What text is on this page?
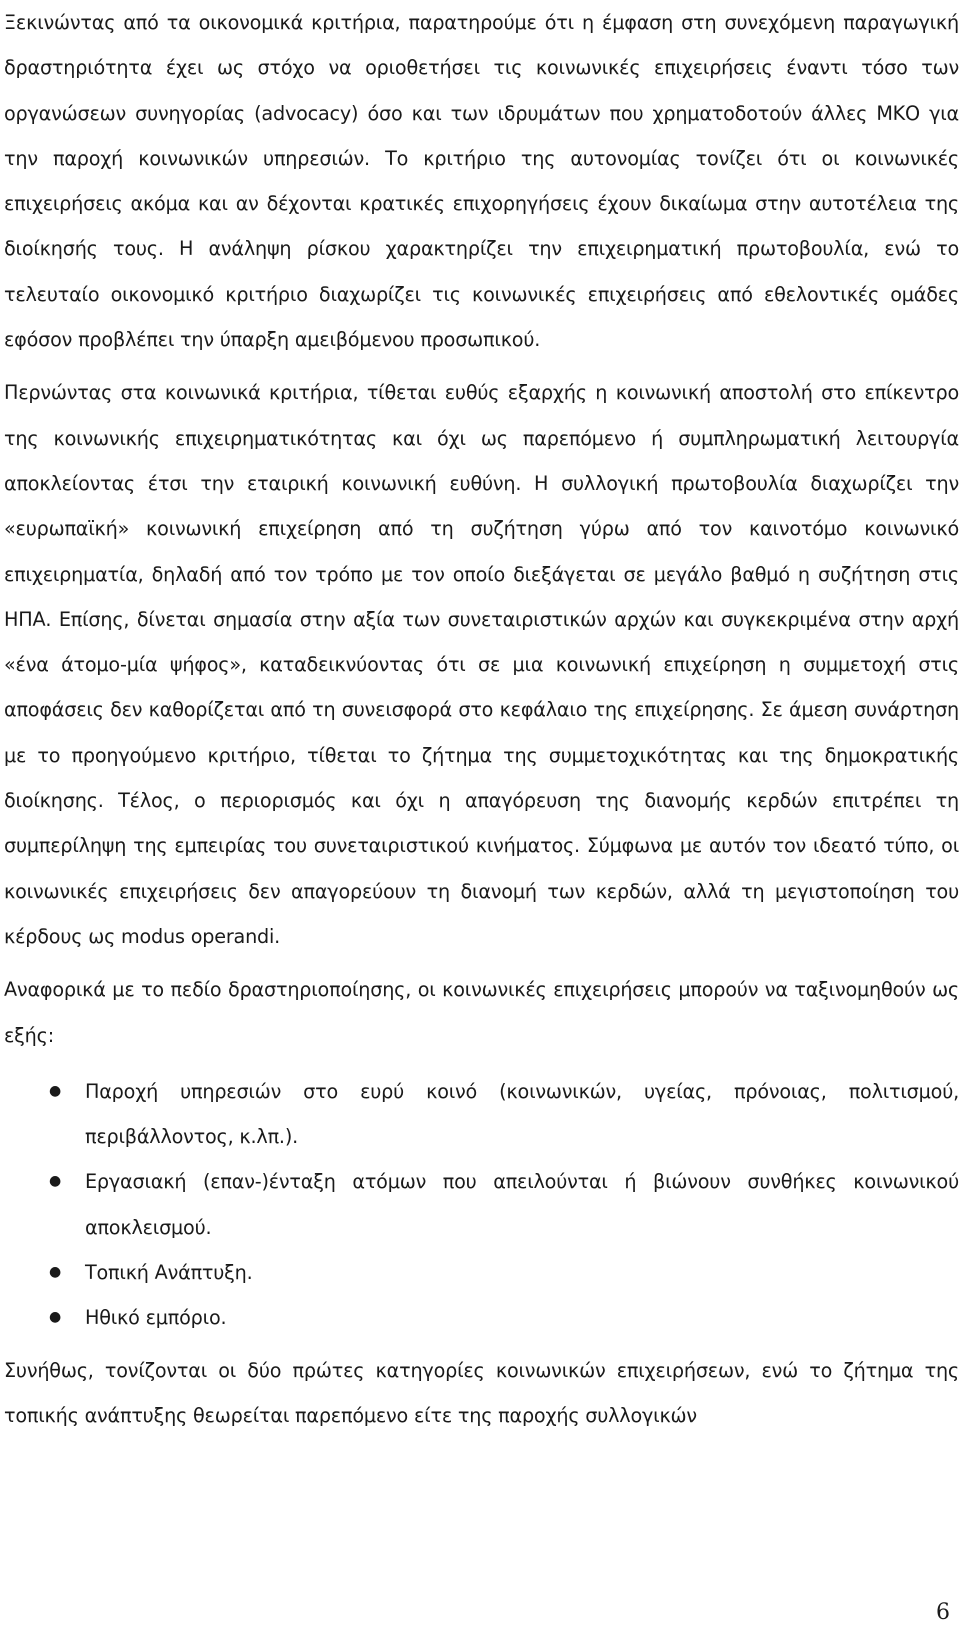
Ξεκινώντας από τα οικονομικά κριτήρια, παρατηρούμε ότι η έμφαση στη συνεχόμενη παραγωγική δραστηριότητα έχει ως στόχο να οριοθετήσει τις κοινωνικές επιχειρήσεις έναντι τόσο των οργανώσεων συνηγορίας (advocacy) όσο και των ιδρυμάτων που χρηματοδοτούν άλλες ΜΚΟ για την παροχή κοινωνικών υπηρεσιών. Το κριτήριο της αυτονομίας τονίζει ότι οι κοινωνικές επιχειρήσεις ακόμα και αν δέχονται κρατικές επιχορηγήσεις έχουν δικαίωμα στην αυτοτέλεια της διοίκησής τους. Η ανάληψη ρίσκου χαρακτηρίζει την επιχειρηματική πρωτοβουλία, ενώ το τελευταίο οικονομικό κριτήριο διαχωρίζει τις κοινωνικές επιχειρήσεις από εθελοντικές ομάδες εφόσον προβλέπει την ύπαρξη αμειβόμενου προσωπικού.

Περνώντας στα κοινωνικά κριτήρια, τίθεται ευθύς εξαρχής η κοινωνική αποστολή στο επίκεντρο της κοινωνικής επιχειρηματικότητας και όχι ως παρεπόμενο ή συμπληρωματική λειτουργία αποκλείοντας έτσι την εταιρική κοινωνική ευθύνη. Η συλλογική πρωτοβουλία διαχωρίζει την «ευρωπαϊκή» κοινωνική επιχείρηση από τη συζήτηση γύρω από τον καινοτόμο κοινωνικό επιχειρηματία, δηλαδή από τον τρόπο με τον οποίο διεξάγεται σε μεγάλο βαθμό η συζήτηση στις ΗΠΑ. Επίσης, δίνεται σημασία στην αξία των συνεταιριστικών αρχών και συγκεκριμένα στην αρχή «ένα άτομο-μία ψήφος», καταδεικνύοντας ότι σε μια κοινωνική επιχείρηση η συμμετοχή στις αποφάσεις δεν καθορίζεται από τη συνεισφορά στο κεφάλαιο της επιχείρησης. Σε άμεση συνάρτηση με το προηγούμενο κριτήριο, τίθεται το ζήτημα της συμμετοχικότητας και της δημοκρατικής διοίκησης. Τέλος, ο περιορισμός και όχι η απαγόρευση της διανομής κερδών επιτρέπει τη συμπερίληψη της εμπειρίας του συνεταιριστικού κινήματος. Σύμφωνα με αυτόν τον ιδεατό τύπο, οι κοινωνικές επιχειρήσεις δεν απαγορεύουν τη διανομή των κερδών, αλλά τη μεγιστοποίηση του κέρδους ως modus operandi.

Αναφορικά με το πεδίο δραστηριοποίησης, οι κοινωνικές επιχειρήσεις μπορούν να ταξινομηθούν ως εξής:

● Παροχή υπηρεσιών στο ευρύ κοινό (κοινωνικών, υγείας, πρόνοιας, πολιτισμού, περιβάλλοντος, κ.λπ.).
● Εργασιακή (επαν-)ένταξη ατόμων που απειλούνται ή βιώνουν συνθήκες κοινωνικού αποκλεισμού.
● Τοπική Ανάπτυξη.
● Ηθικό εμπόριο.

Συνήθως, τονίζονται οι δύο πρώτες κατηγορίες κοινωνικών επιχειρήσεων, ενώ το ζήτημα της τοπικής ανάπτυξης θεωρείται παρεπόμενο είτε της παροχής συλλογικών

6
